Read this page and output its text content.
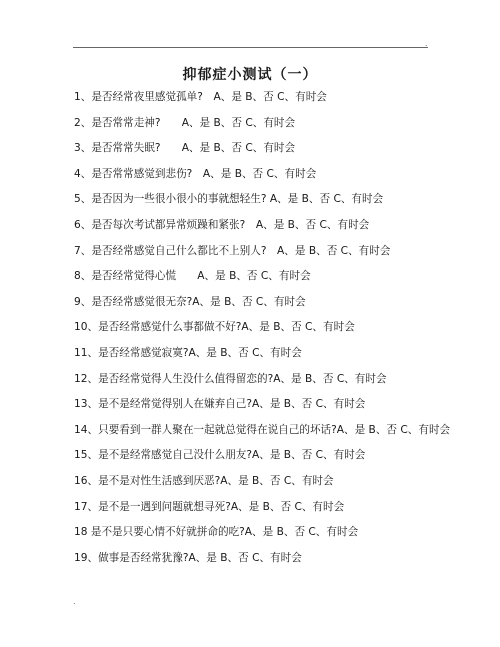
.
.
抑郁症小测试（一）
1、是否经常夜里感觉孤单?　A、是 B、否 C、有时会
2、是否常常走神?　　A、是 B、否 C、有时会
3、是否常常失眠?　　A、是 B、否 C、有时会
4、是否常常感觉到悲伤?　A、是 B、否 C、有时会
5、是否因为一些很小很小的事就想轻生? A、是 B、否 C、有时会
6、是否每次考试都异常烦躁和紧张?　A、是 B、否 C、有时会
7、是否经常感觉自己什么都比不上别人?　A、是 B、否 C、有时会
8、是否经常觉得心慌　　A、是 B、否 C、有时会
9、是否经常感觉很无奈?A、是 B、否 C、有时会
10、是否经常感觉什么事都做不好?A、是 B、否 C、有时会
11、是否经常感觉寂寞?A、是 B、否 C、有时会
12、是否经常觉得人生没什么值得留恋的?A、是 B、否 C、有时会
13、是不是经常觉得别人在嫌弃自己?A、是 B、否 C、有时会
14、只要看到一群人聚在一起就总觉得在说自己的坏话?A、是 B、否 C、有时会
15、是不是经常感觉自己没什么朋友?A、是 B、否 C、有时会
16、是不是对性生活感到厌恶?A、是 B、否 C、有时会
17、是不是一遇到问题就想寻死?A、是 B、否 C、有时会
18 是不是只要心情不好就拼命的吃?A、是 B、否 C、有时会
19、做事是否经常犹豫?A、是 B、否 C、有时会
